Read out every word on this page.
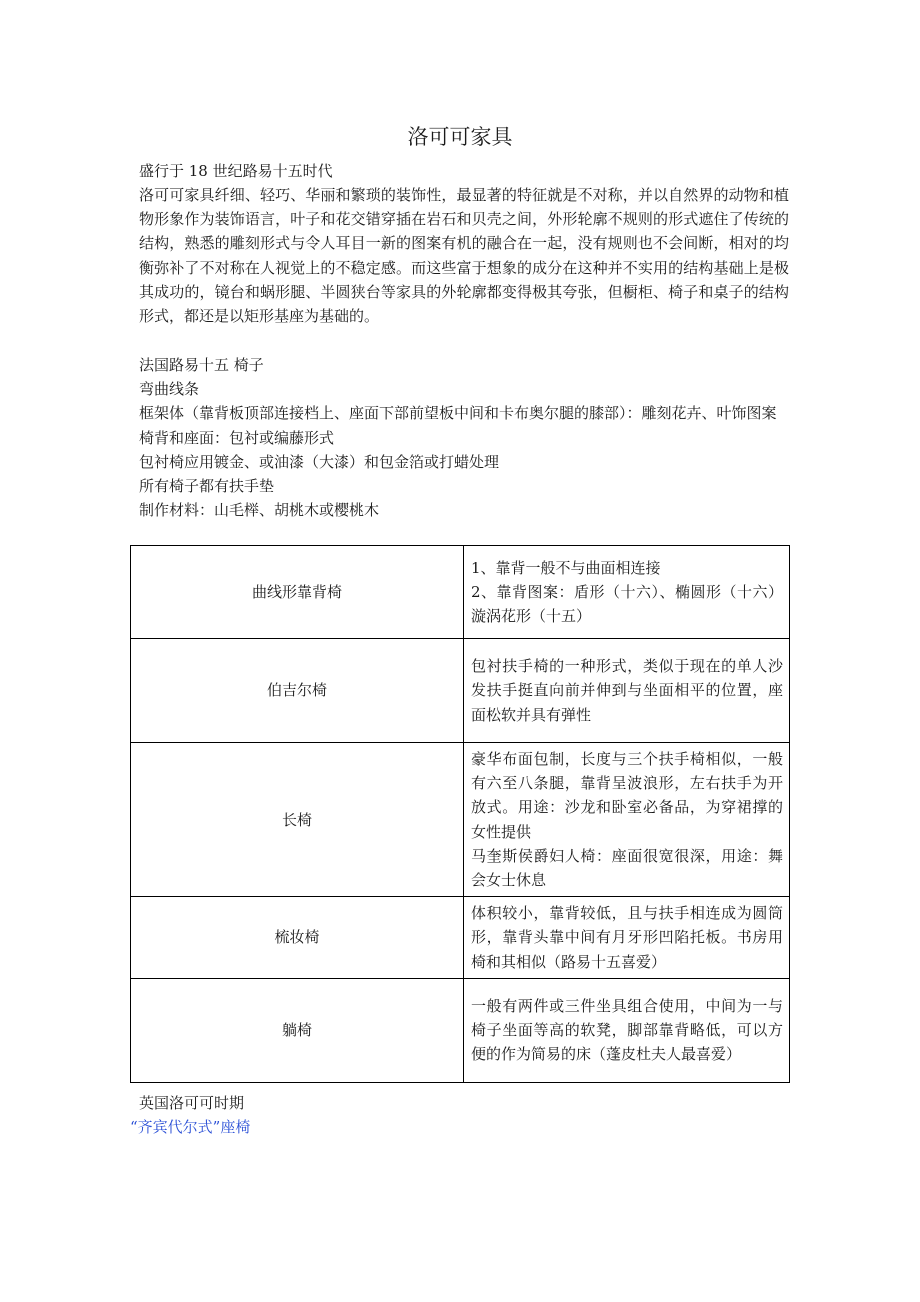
洛可可家具
盛行于 18 世纪路易十五时代

洛可可家具纤细、轻巧、华丽和繁琐的装饰性，最显著的特征就是不对称，并以自然界的动物和植物形象作为装饰语言，叶子和花交错穿插在岩石和贝壳之间，外形轮廓不规则的形式遮住了传统的结构，熟悉的雕刻形式与令人耳目一新的图案有机的融合在一起，没有规则也不会间断，相对的均衡弥补了不对称在人视觉上的不稳定感。而这些富于想象的成分在这种并不实用的结构基础上是极其成功的，镜台和蜗形腿、半圆狭台等家具的外轮廓都变得极其夸张，但橱柜、椅子和桌子的结构形式，都还是以矩形基座为基础的。

法国路易十五 椅子
弯曲线条
框架体（靠背板顶部连接档上、座面下部前望板中间和卡布奥尔腿的膝部）：雕刻花卉、叶饰图案
椅背和座面：包衬或编藤形式
包衬椅应用镀金、或油漆（大漆）和包金箔或打蜡处理
所有椅子都有扶手垫
制作材料：山毛榉、胡桃木或樱桃木
曲线形靠背椅	1、靠背一般不与曲面相连接
2、靠背图案：盾形（十六）、椭圆形（十六）漩涡花形（十五）

伯吉尔椅	包衬扶手椅的一种形式，类似于现在的单人沙发扶手挺直向前并伸到与坐面相平的位置，座面松软并具有弹性

长椅	豪华布面包制，长度与三个扶手椅相似，一般有六至八条腿，靠背呈波浪形，左右扶手为开放式。用途：沙龙和卧室必备品，为穿裙撑的女性提供
马奎斯侯爵妇人椅：座面很宽很深，用途：舞会女士休息

梳妆椅	体积较小，靠背较低，且与扶手相连成为圆筒形，靠背头靠中间有月牙形凹陷托板。书房用椅和其相似（路易十五喜爱）

躺椅	一般有两件或三件坐具组合使用，中间为一与椅子坐面等高的软凳，脚部靠背略低，可以方便的作为简易的床（蓬皮杜夫人最喜爱）
英国洛可可时期
“齐宾代尔式”座椅
